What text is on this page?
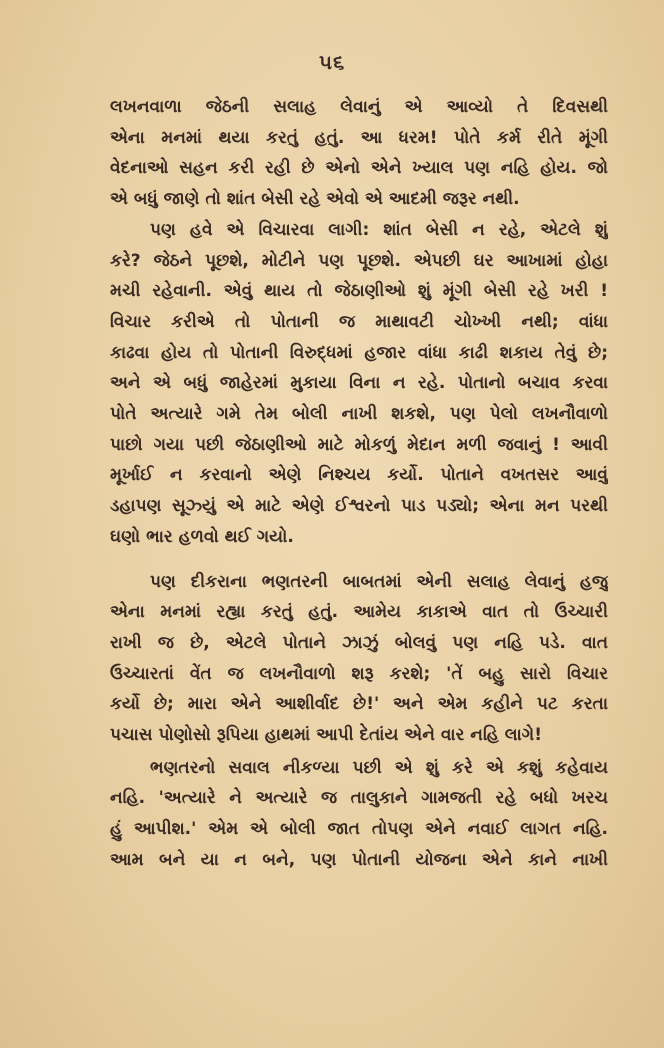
૫૬

લખનવાળા જેઠની સલાહ લેવાનું એ આવ્યો તે દિવસથી
એના મનમાં થયા કરતું હતું. આ ધરમ! પોતે કર્મ રીતે મૂંગી
વેદનાઓ સહન કરી રહી છે એનો એને ખ્યાલ પણ નહિ હોય. જો
એ બધું જાણે તો શાંત બેસી રહે એવો એ આદમી જરૂર નથી.

પણ હવે એ વિચારવા લાગી: શાંત બેસી ન રહે, એટલે શું
કરે? જેઠને પૂછશે, મોટીને પણ પૂછશે. એપછી ઘર આખામાં હોહા
મચી રહેવાની. એવું થાય તો જેઠાણીઓ શું મૂંગી બેસી રહે ખરી !
વિચાર કરીએ તો પોતાની જ માથાવટી ચોખ્ખી નથી; વાંધા
કાઢવા હોય તો પોતાની વિરુદ્ધમાં હજાર વાંધા કાઢી શકાય તેવું છે;
અને એ બધું જાહેરમાં મુકાયા વિના ન રહે. પોતાનો બચાવ કરવા
પોતે અત્યારે ગમે તેમ બોલી નાખી શકશે, પણ પેલો લખનૌવાળો
પાછો ગયા પછી જેઠાણીઓ માટે મોકળું મેદાન મળી જવાનું ! આવી
મૂર્ખાઈ ન કરવાનો એણે નિશ્ચય કર્યો. પોતાને વખતસર આવું
ડહાપણ સૂઝ્યું એ માટે એણે ઈશ્વરનો પાડ પડ્યો; એના મન પરથી
ઘણો ભાર હળવો થઈ ગયો.

પણ દીકરાના ભણતરની બાબતમાં એની સલાહ લેવાનું હજુ
એના મનમાં રહ્યા કરતું હતું. આમેય કાકાએ વાત તો ઉચ્ચારી
રાખી જ છે, એટલે પોતાને ઝાઝું બોલવું પણ નહિ પડે. વાત
ઉચ્ચારતાં વેંત જ લખનૌવાળો શરૂ કરશે; 'તેં બહુ સારો વિચાર
કર્યો છે; મારા એને આશીર્વાદ છે!' અને એમ કહીને પટ કરતા
પચાસ પોણોસો રૂપિયા હાથમાં આપી દેતાંય એને વાર નહિ લાગે!

ભણતરનો સવાલ નીકળ્યા પછી એ શું કરે એ કશું કહેવાય
નહિ. 'અત્યારે ને અત્યારે જ તાલુકાને ગામજતી રહે બધો ખરચ
હું આપીશ.' એમ એ બોલી જાત તોપણ એને નવાઈ લાગત નહિ.
આમ બને યા ન બને, પણ પોતાની યોજના એને કાને નાખી
